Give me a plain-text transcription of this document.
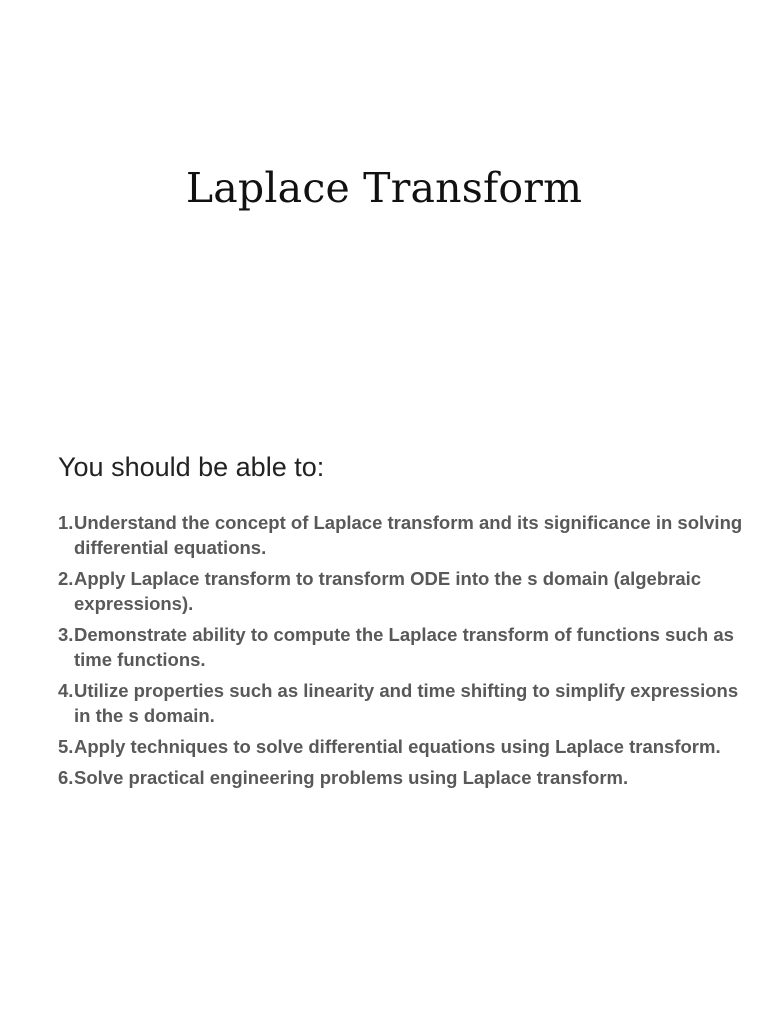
Laplace Transform
You should be able to:
1. Understand the concept of Laplace transform and its significance in solving differential equations.
2. Apply Laplace transform to transform ODE into the s domain (algebraic expressions).
3. Demonstrate ability to compute the Laplace transform of functions such as time functions.
4. Utilize properties such as linearity and time shifting to simplify expressions in the s domain.
5. Apply techniques to solve differential equations using Laplace transform.
6. Solve practical engineering problems using Laplace transform.
